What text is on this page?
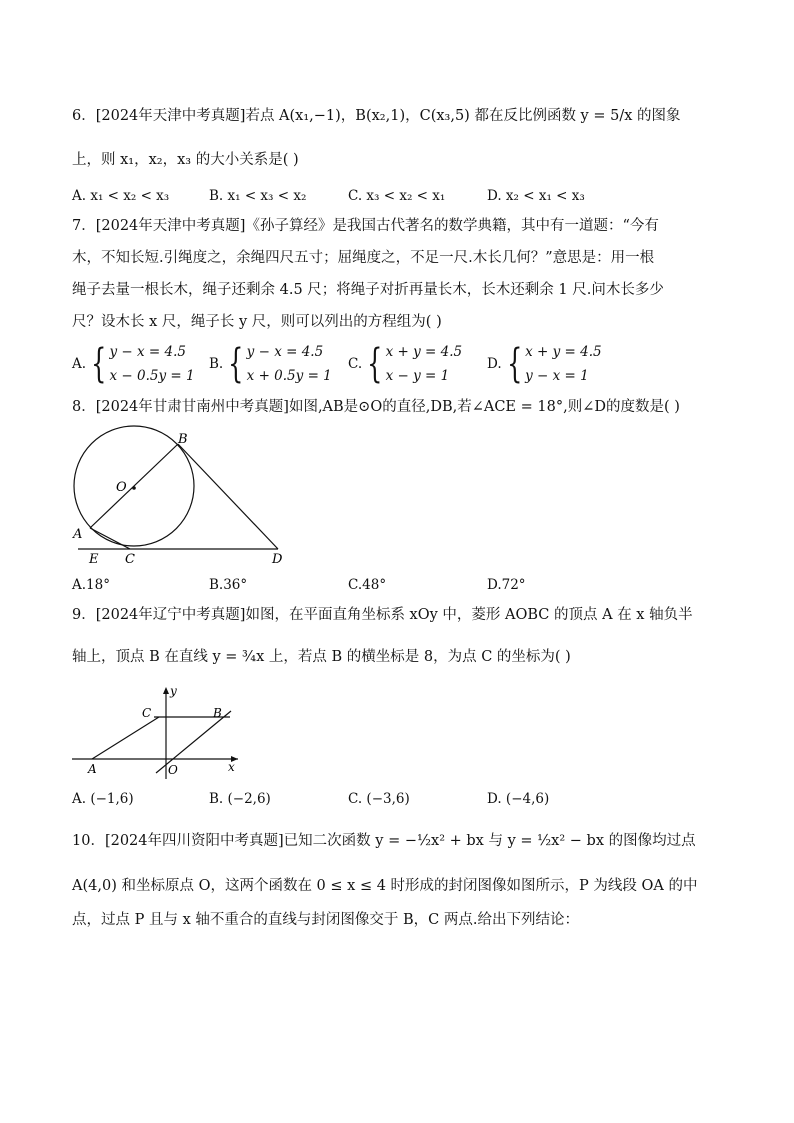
6．[2024年天津中考真题]若点 A(x₁,−1)，B(x₂,1)，C(x₃,5) 都在反比例函数 y = 5/x 的图象
上，则 x₁，x₂，x₃ 的大小关系是( )
A. x₁ < x₂ < x₃	B. x₁ < x₃ < x₂	C. x₃ < x₂ < x₁	D. x₂ < x₁ < x₃
7．[2024年天津中考真题]《孙子算经》是我国古代著名的数学典籍，其中有一道题：“今有
木，不知长短.引绳度之，余绳四尺五寸；屈绳度之，不足一尺.木长几何？”意思是：用一根
绳子去量一根长木，绳子还剩余 4.5 尺；将绳子对折再量长木，长木还剩余 1 尺.问木长多少
尺？设木长 x 尺，绳子长 y 尺，则可以列出的方程组为( )
A. { y − x = 4.5
x − 0.5y = 1
B. { y − x = 4.5
x + 0.5y = 1
C. { x + y = 4.5
x − y = 1
D. { x + y = 4.5
y − x = 1
8．[2024年甘肃甘南州中考真题]如图,AB是⊙O的直径,DB,若∠ACE = 18°,则∠D的度数是( )
O
B
A
E C	D
A.18°	B.36°	C.48°	D.72°
9．[2024年辽宁中考真题]如图，在平面直角坐标系 xOy 中，菱形 AOBC 的顶点 A 在 x 轴负半
轴上，顶点 B 在直线 y = ¾x 上，若点 B 的横坐标是 8，为点 C 的坐标为( )
C	B
A	O	x
y
A. (−1,6)	B. (−2,6)	C. (−3,6)	D. (−4,6)
10．[2024年四川资阳中考真题]已知二次函数 y = −½x² + bx 与 y = ½x² − bx 的图像均过点
A(4,0) 和坐标原点 O，这两个函数在 0 ≤ x ≤ 4 时形成的封闭图像如图所示，P 为线段 OA 的中
点，过点 P 且与 x 轴不重合的直线与封闭图像交于 B，C 两点.给出下列结论：
